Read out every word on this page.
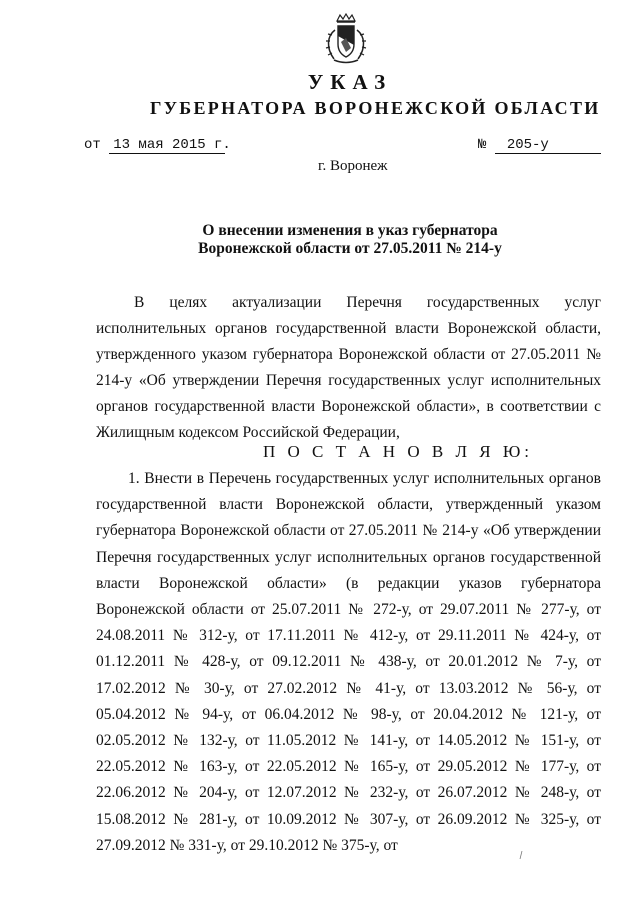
УКАЗ
ГУБЕРНАТОРА ВОРОНЕЖСКОЙ ОБЛАСТИ
от 13 мая 2015 г.	№ 205-у
г. Воронеж
О внесении изменения в указ губернатора
Воронежской области от 27.05.2011 № 214-у

В целях актуализации Перечня государственных услуг исполнительных органов государственной власти Воронежской области, утвержденного указом губернатора Воронежской области от 27.05.2011 № 214-у «Об утверждении Перечня государственных услуг исполнительных органов государственной власти Воронежской области», в соответствии с Жилищным кодексом Российской Федерации,

П О С Т А Н О В Л Я Ю:

1. Внести в Перечень государственных услуг исполнительных органов государственной власти Воронежской области, утвержденный указом губернатора Воронежской области от 27.05.2011 № 214-у «Об утверждении Перечня государственных услуг исполнительных органов государственной власти Воронежской области» (в редакции указов губернатора Воронежской области от 25.07.2011 № 272-у, от 29.07.2011 № 277-у, от 24.08.2011 № 312-у, от 17.11.2011 № 412-у, от 29.11.2011 № 424-у, от 01.12.2011 № 428-у, от 09.12.2011 № 438-у, от 20.01.2012 № 7-у, от 17.02.2012 № 30-у, от 27.02.2012 № 41-у, от 13.03.2012 № 56-у, от 05.04.2012 № 94-у, от 06.04.2012 № 98-у, от 20.04.2012 № 121-у, от 02.05.2012 № 132-у, от 11.05.2012 № 141-у, от 14.05.2012 № 151-у, от 22.05.2012 № 163-у, от 22.05.2012 № 165-у, от 29.05.2012 № 177-у, от 22.06.2012 № 204-у, от 12.07.2012 № 232-у, от 26.07.2012 № 248-у, от 15.08.2012 № 281-у, от 10.09.2012 № 307-у, от 26.09.2012 № 325-у, от 27.09.2012 № 331-у, от 29.10.2012 № 375-у, от
